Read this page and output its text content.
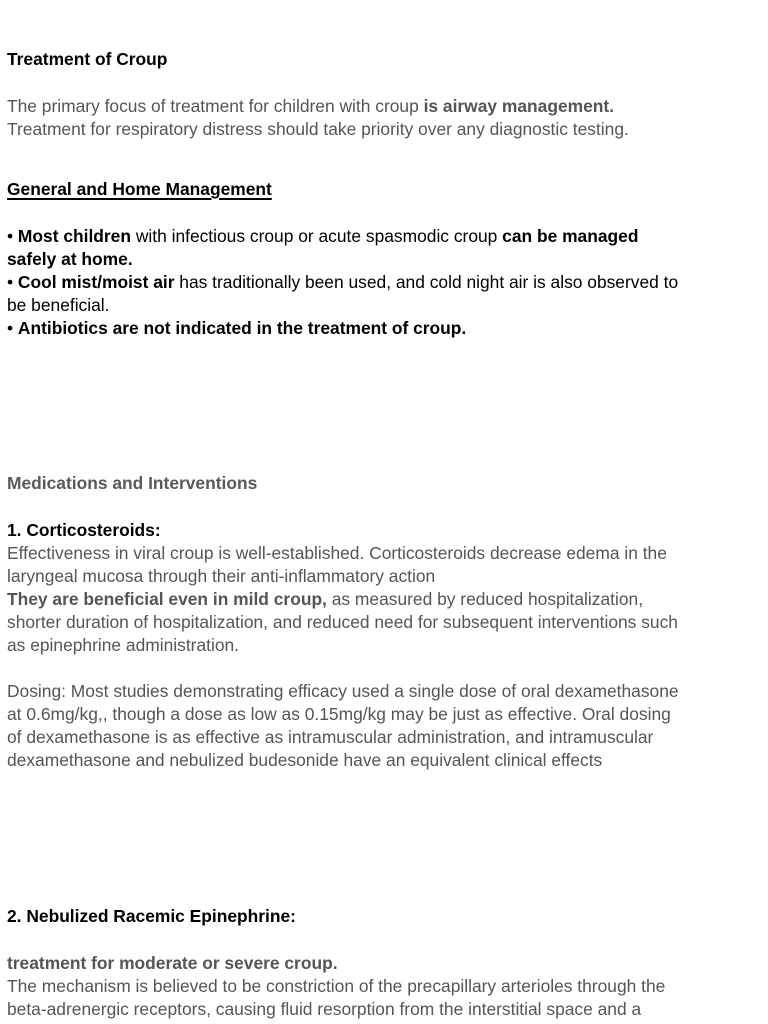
Treatment of Croup

The primary focus of treatment for children with croup is airway management.

Treatment for respiratory distress should take priority over any diagnostic testing.

General and Home Management

• Most children with infectious croup or acute spasmodic croup can be managed

safely at home.

• Cool mist/moist air has traditionally been used, and cold night air is also observed to

be beneficial.

• Antibiotics are not indicated in the treatment of croup.

Medications and Interventions

1. Corticosteroids:

Effectiveness in viral croup is well-established. Corticosteroids decrease edema in the

laryngeal mucosa through their anti-inflammatory action

They are beneficial even in mild croup, as measured by reduced hospitalization,

shorter duration of hospitalization, and reduced need for subsequent interventions such

as epinephrine administration.

Dosing: Most studies demonstrating efficacy used a single dose of oral dexamethasone

at 0.6mg/kg,, though a dose as low as 0.15mg/kg may be just as effective. Oral dosing

of dexamethasone is as effective as intramuscular administration, and intramuscular

dexamethasone and nebulized budesonide have an equivalent clinical effects

2. Nebulized Racemic Epinephrine:

treatment for moderate or severe croup.

The mechanism is believed to be constriction of the precapillary arterioles through the

beta-adrenergic receptors, causing fluid resorption from the interstitial space and a
